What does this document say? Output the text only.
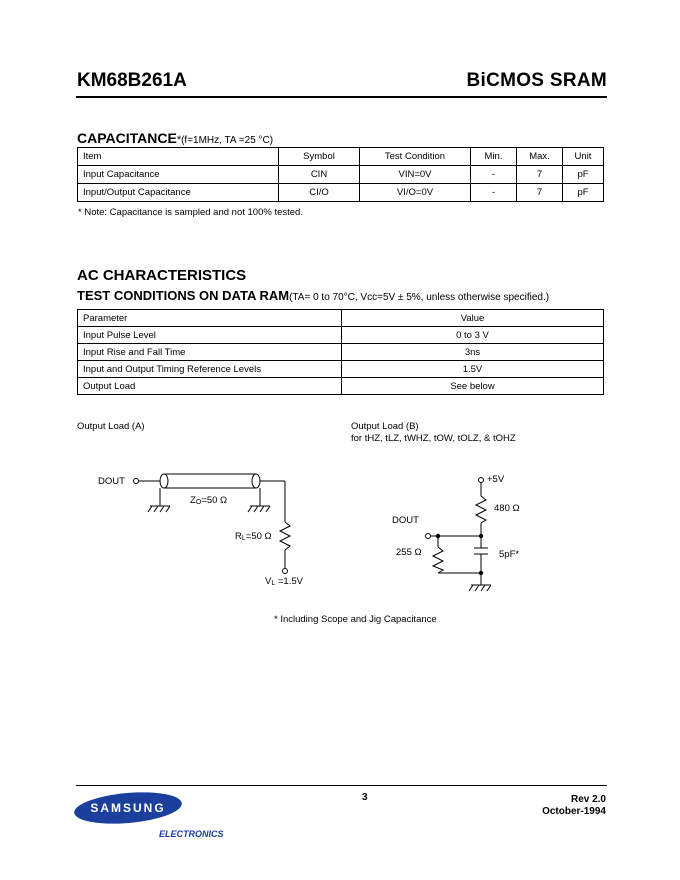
KM68B261A	BiCMOS SRAM
CAPACITANCE*(f=1MHz, TA =25 °C)
Item	Symbol	Test Condition	Min.	Max.	Unit
Input Capacitance	CIN	VIN=0V	-	7	pF
Input/Output Capacitance	CI/O	VI/O=0V	-	7	pF
* Note: Capacitance is sampled and not 100% tested.
AC CHARACTERISTICS
TEST CONDITIONS ON DATA RAM(TA= 0 to 70°C, Vcc=5V ± 5%, unless otherwise specified.)
Parameter	Value
Input Pulse Level	0 to 3 V
Input Rise and Fall Time	3ns
Input and Output Timing Reference Levels	1.5V
Output Load	See below
Output Load (A)	Output Load (B)
for tHZ, tLZ, tWHZ, tOW, tOLZ, & tOHZ
DOUT
ZO=50 Ω
RL=50 Ω
VL =1.5V
+5V
480 Ω
DOUT
255 Ω	5pF*
* Including Scope and Jig Capacitance
SAMSUNG
ELECTRONICS
3	Rev 2.0
October-1994
